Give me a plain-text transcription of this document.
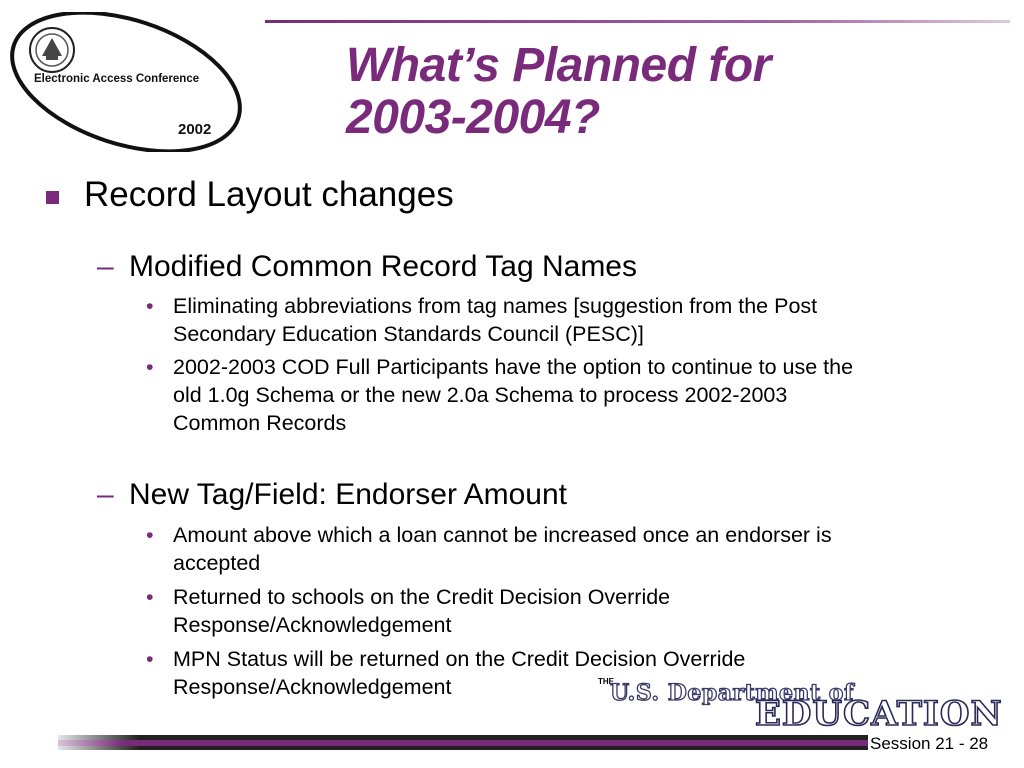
Electronic Access Conference
2002
What’s Planned for
2003-2004?
Record Layout changes
– Modified Common Record Tag Names
• Eliminating abbreviations from tag names [suggestion from the Post
Secondary Education Standards Council (PESC)]
• 2002-2003 COD Full Participants have the option to continue to use the
old 1.0g Schema or the new 2.0a Schema to process 2002-2003
Common Records
– New Tag/Field: Endorser Amount
• Amount above which a loan cannot be increased once an endorser is
accepted
• Returned to schools on the Credit Decision Override
Response/Acknowledgement
• MPN Status will be returned on the Credit Decision Override
Response/Acknowledgement	THE
U.S. Department of
EDUCATION
Session 21 - 28
